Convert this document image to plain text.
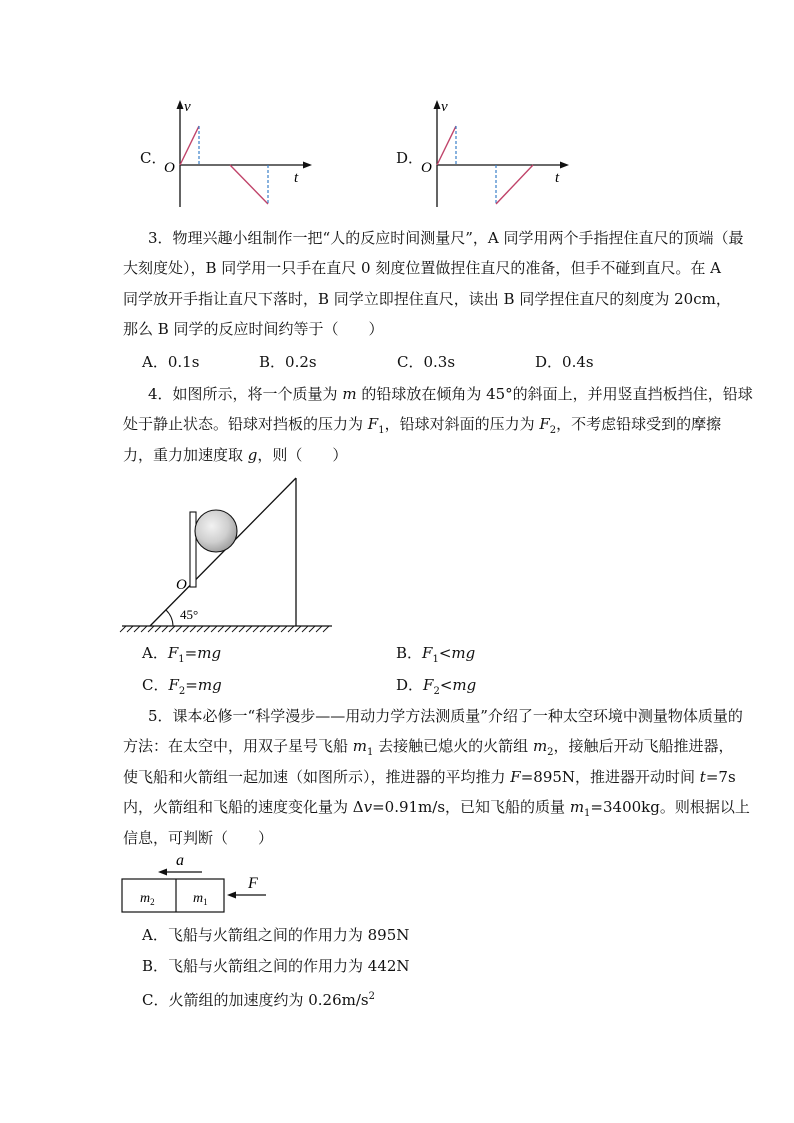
C．
v
O
t
D．
v
O
t
3．物理兴趣小组制作一把“人的反应时间测量尺”，A 同学用两个手指捏住直尺的顶端（最
大刻度处），B 同学用一只手在直尺 0 刻度位置做捏住直尺的准备，但手不碰到直尺。在 A
同学放开手指让直尺下落时，B 同学立即捏住直尺，读出 B 同学捏住直尺的刻度为 20cm，
那么 B 同学的反应时间约等于（　　）
A．0.1s	B．0.2s	C．0.3s	D．0.4s
4．如图所示，将一个质量为 m 的铅球放在倾角为 45°的斜面上，并用竖直挡板挡住，铅球
处于静止状态。铅球对挡板的压力为 $F_1$，铅球对斜面的压力为 $F_2$，不考虑铅球受到的摩擦
力，重力加速度取 g，则（　　）
O
45°
A．$F_1=mg$	B．$F_1<mg$
C．$F_2=mg$	D．$F_2<mg$
5．课本必修一“科学漫步——用动力学方法测质量”介绍了一种太空环境中测量物体质量的
方法：在太空中，用双子星号飞船 $m_1$ 去接触已熄火的火箭组 $m_2$，接触后开动飞船推进器，
使飞船和火箭组一起加速（如图所示），推进器的平均推力 F=895N，推进器开动时间 t=7s
内，火箭组和飞船的速度变化量为 Δv=0.91m/s，已知飞船的质量 $m_1=3400kg$。则根据以上
信息，可判断（　　）
a
$m_2$	$m_1$
F
A．飞船与火箭组之间的作用力为 895N
B．飞船与火箭组之间的作用力为 442N
C．火箭组的加速度约为 $0.26m/s^2$
